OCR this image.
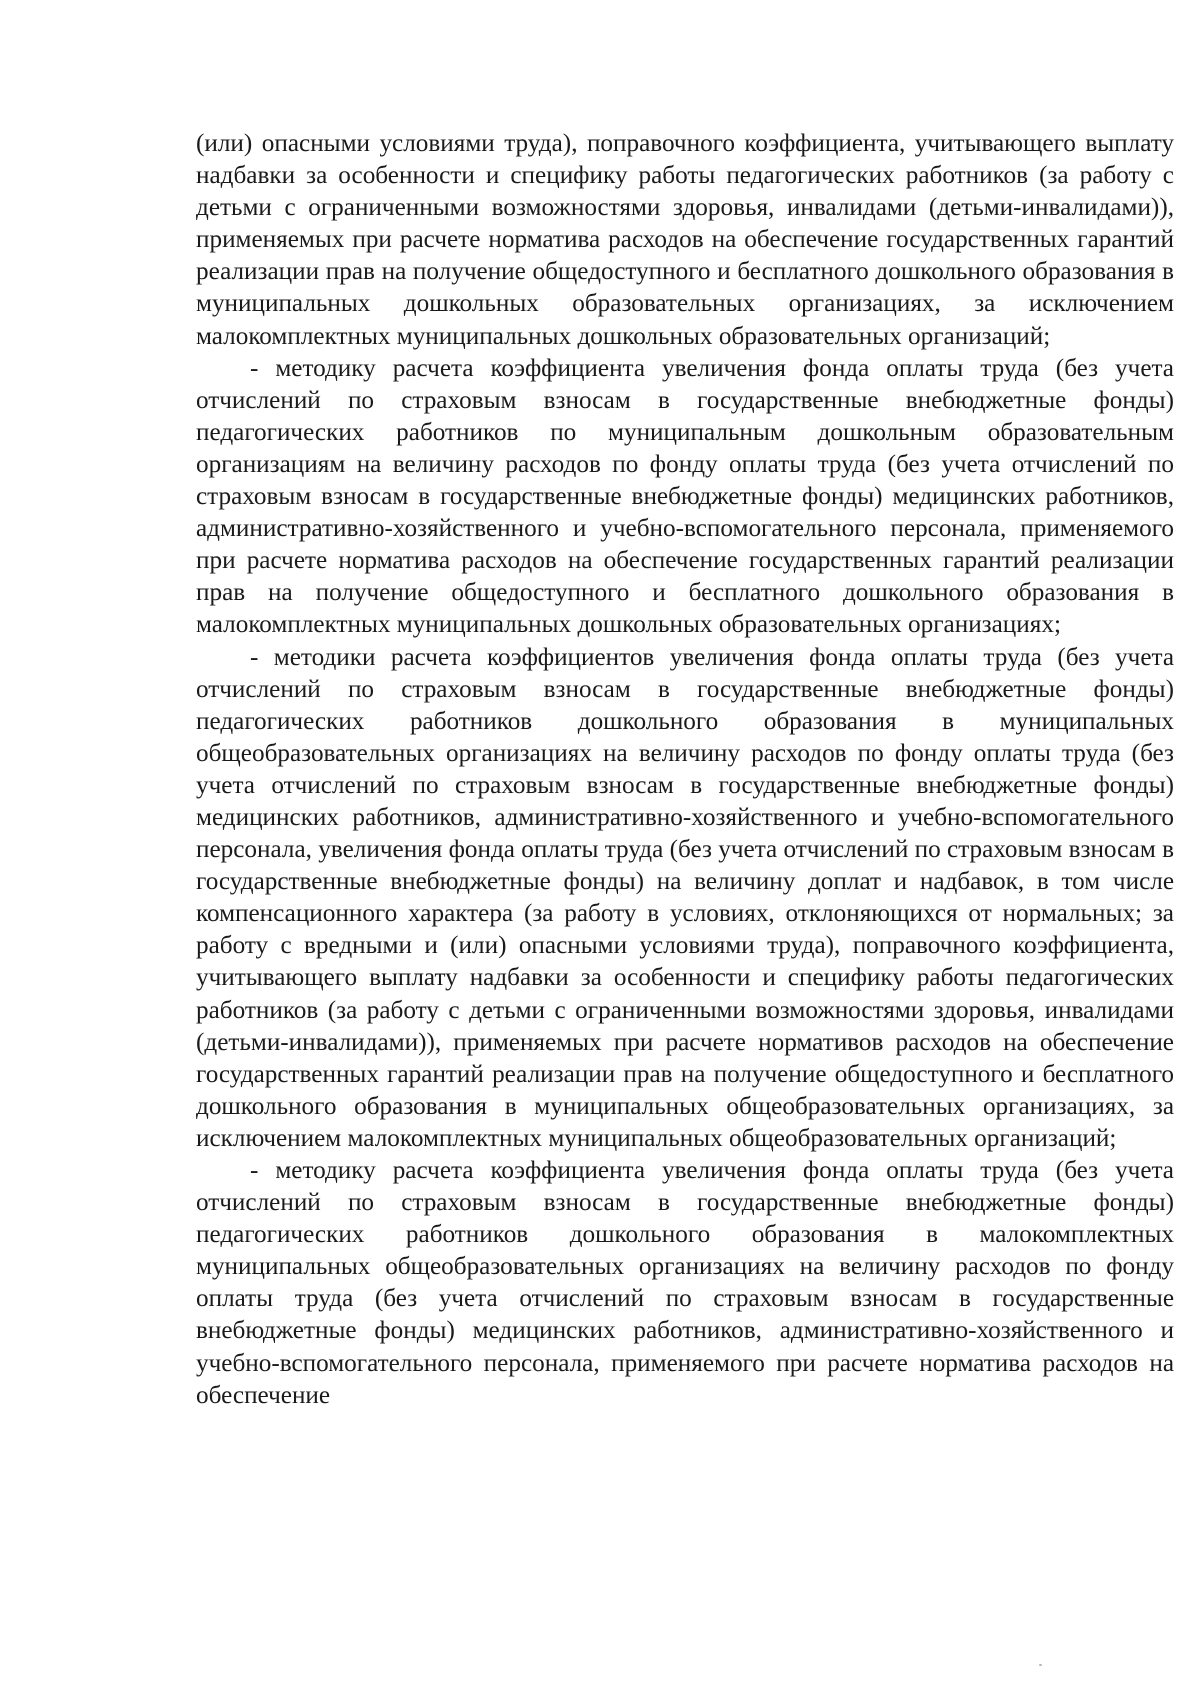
(или) опасными условиями труда), поправочного коэффициента, учитывающего выплату надбавки за особенности и специфику работы педагогических работников (за работу с детьми с ограниченными возможностями здоровья, инвалидами (детьми-инвалидами)), применяемых при расчете норматива расходов на обеспечение государственных гарантий реализации прав на получение общедоступного и бесплатного дошкольного образования в муниципальных дошкольных образовательных организациях, за исключением малокомплектных муниципальных дошкольных образовательных организаций;

- методику расчета коэффициента увеличения фонда оплаты труда (без учета отчислений по страховым взносам в государственные внебюджетные фонды) педагогических работников по муниципальным дошкольным образовательным организациям на величину расходов по фонду оплаты труда (без учета отчислений по страховым взносам в государственные внебюджетные фонды) медицинских работников, административно-хозяйственного и учебно-вспомогательного персонала, применяемого при расчете норматива расходов на обеспечение государственных гарантий реализации прав на получение общедоступного и бесплатного дошкольного образования в малокомплектных муниципальных дошкольных образовательных организациях;

- методики расчета коэффициентов увеличения фонда оплаты труда (без учета отчислений по страховым взносам в государственные внебюджетные фонды) педагогических работников дошкольного образования в муниципальных общеобразовательных организациях на величину расходов по фонду оплаты труда (без учета отчислений по страховым взносам в государственные внебюджетные фонды) медицинских работников, административно-хозяйственного и учебно-вспомогательного персонала, увеличения фонда оплаты труда (без учета отчислений по страховым взносам в государственные внебюджетные фонды) на величину доплат и надбавок, в том числе компенсационного характера (за работу в условиях, отклоняющихся от нормальных; за работу с вредными и (или) опасными условиями труда), поправочного коэффициента, учитывающего выплату надбавки за особенности и специфику работы педагогических работников (за работу с детьми с ограниченными возможностями здоровья, инвалидами (детьми-инвалидами)), применяемых при расчете нормативов расходов на обеспечение государственных гарантий реализации прав на получение общедоступного и бесплатного дошкольного образования в муниципальных общеобразовательных организациях, за исключением малокомплектных муниципальных общеобразовательных организаций;

- методику расчета коэффициента увеличения фонда оплаты труда (без учета отчислений по страховым взносам в государственные внебюджетные фонды) педагогических работников дошкольного образования в малокомплектных муниципальных общеобразовательных организациях на величину расходов по фонду оплаты труда (без учета отчислений по страховым взносам в государственные внебюджетные фонды) медицинских работников, административно-хозяйственного и учебно-вспомогательного персонала, применяемого при расчете норматива расходов на обеспечение
